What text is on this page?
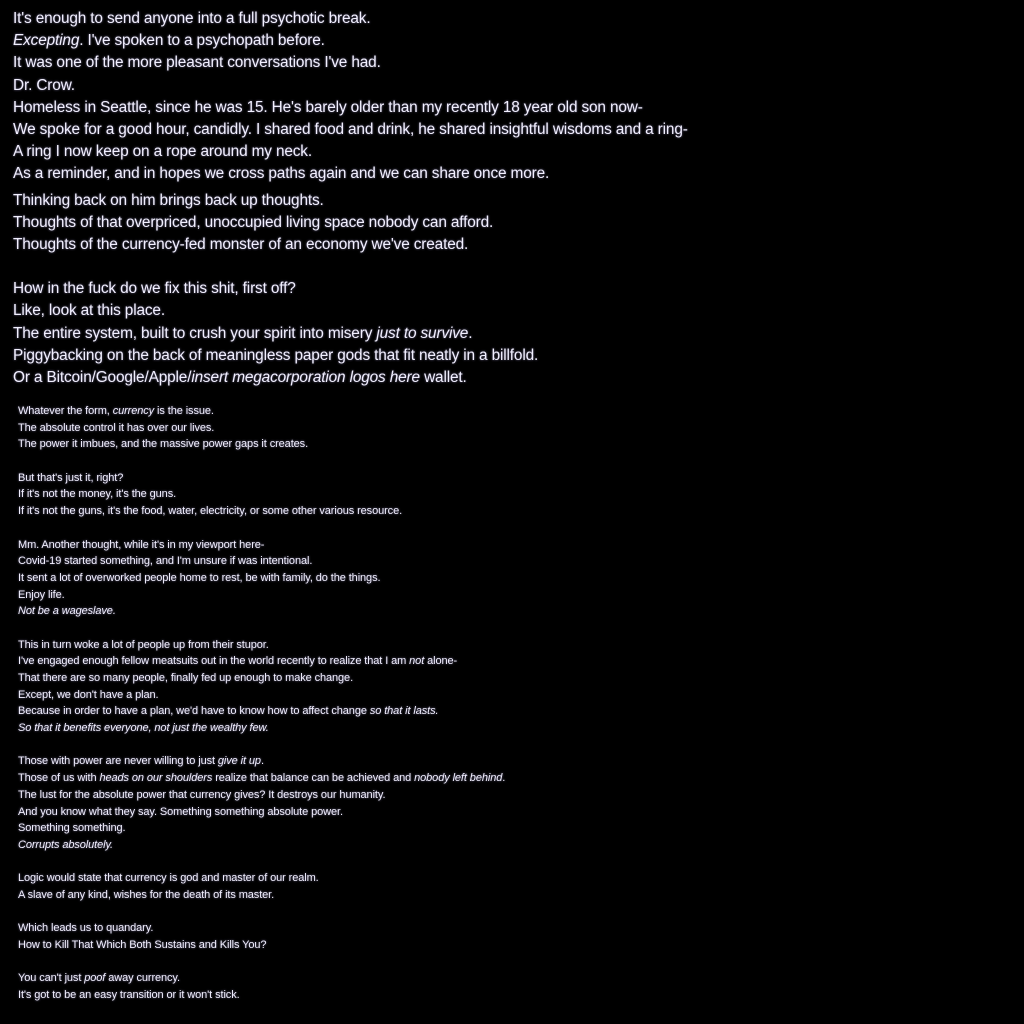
It's enough to send anyone into a full psychotic break.
Excepting. I've spoken to a psychopath before.
It was one of the more pleasant conversations I've had.
Dr. Crow.
Homeless in Seattle, since he was 15. He's barely older than my recently 18 year old son now-
We spoke for a good hour, candidly. I shared food and drink, he shared insightful wisdoms and a ring-
A ring I now keep on a rope around my neck.
As a reminder, and in hopes we cross paths again and we can share once more.
Thinking back on him brings back up thoughts.
Thoughts of that overpriced, unoccupied living space nobody can afford.
Thoughts of the currency-fed monster of an economy we've created.
How in the fuck do we fix this shit, first off?
Like, look at this place.
The entire system, built to crush your spirit into misery just to survive.
Piggybacking on the back of meaningless paper gods that fit neatly in a billfold.
Or a Bitcoin/Google/Apple/insert megacorporation logos here wallet.
Whatever the form, currency is the issue.
The absolute control it has over our lives.
The power it imbues, and the massive power gaps it creates.
But that's just it, right?
If it's not the money, it's the guns.
If it's not the guns, it's the food, water, electricity, or some other various resource.
Mm. Another thought, while it's in my viewport here-
Covid-19 started something, and I'm unsure if was intentional.
It sent a lot of overworked people home to rest, be with family, do the things.
Enjoy life.
Not be a wageslave.
This in turn woke a lot of people up from their stupor.
I've engaged enough fellow meatsuits out in the world recently to realize that I am not alone-
That there are so many people, finally fed up enough to make change.
Except, we don't have a plan.
Because in order to have a plan, we'd have to know how to affect change so that it lasts.
So that it benefits everyone, not just the wealthy few.
Those with power are never willing to just give it up.
Those of us with heads on our shoulders realize that balance can be achieved and nobody left behind.
The lust for the absolute power that currency gives? It destroys our humanity.
And you know what they say. Something something absolute power.
Something something.
Corrupts absolutely.
Logic would state that currency is god and master of our realm.
A slave of any kind, wishes for the death of its master.
Which leads us to quandary.
How to Kill That Which Both Sustains and Kills You?
You can't just poof away currency.
It's got to be an easy transition or it won't stick.
